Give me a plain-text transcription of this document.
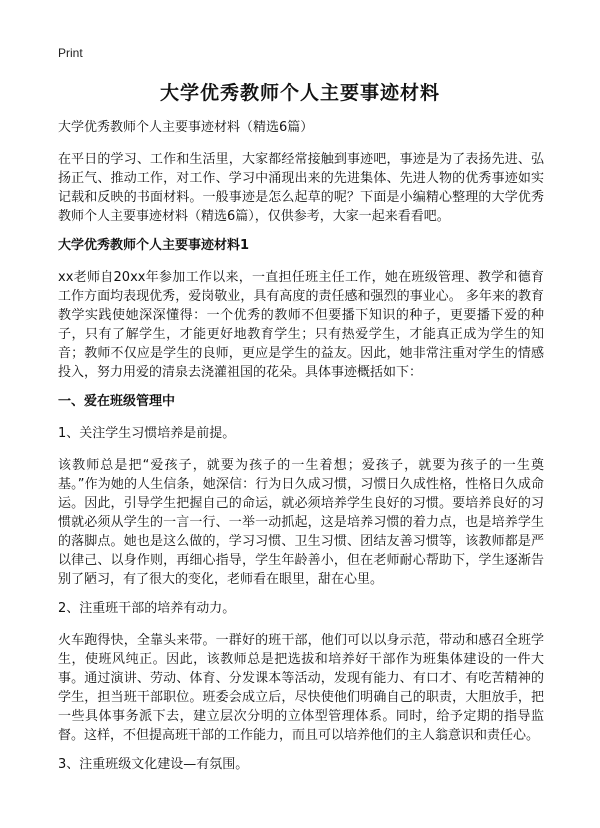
Print
大学优秀教师个人主要事迹材料

大学优秀教师个人主要事迹材料（精选6篇）

在平日的学习、工作和生活里，大家都经常接触到事迹吧，事迹是为了表扬先进、弘扬正气、推动工作，对工作、学习中涌现出来的先进集体、先进人物的优秀事迹如实记载和反映的书面材料。一般事迹是怎么起草的呢？下面是小编精心整理的大学优秀教师个人主要事迹材料（精选6篇），仅供参考，大家一起来看看吧。

大学优秀教师个人主要事迹材料1

xx老师自20xx年参加工作以来，一直担任班主任工作，她在班级管理、教学和德育工作方面均表现优秀，爱岗敬业，具有高度的责任感和强烈的事业心。 多年来的教育教学实践使她深深懂得：一个优秀的教师不但要播下知识的种子，更要播下爱的种子，只有了解学生，才能更好地教育学生；只有热爱学生，才能真正成为学生的知音；教师不仅应是学生的良师，更应是学生的益友。因此，她非常注重对学生的情感投入，努力用爱的清泉去浇灌祖国的花朵。具体事迹概括如下：

一、爱在班级管理中

1、关注学生习惯培养是前提。

该教师总是把“爱孩子，就要为孩子的一生着想；爱孩子，就要为孩子的一生奠基。”作为她的人生信条，她深信：行为日久成习惯，习惯日久成性格，性格日久成命运。因此，引导学生把握自己的命运，就必须培养学生良好的习惯。要培养良好的习惯就必须从学生的一言一行、一举一动抓起，这是培养习惯的着力点，也是培养学生的落脚点。她也是这么做的，学习习惯、卫生习惯、团结友善习惯等，该教师都是严以律己、以身作则，再细心指导，学生年龄善小，但在老师耐心帮助下，学生逐渐告别了陋习，有了很大的变化，老师看在眼里，甜在心里。

2、注重班干部的培养有动力。

火车跑得快，全靠头来带。一群好的班干部，他们可以以身示范，带动和感召全班学生，使班风纯正。因此，该教师总是把选拔和培养好干部作为班集体建设的一件大事。通过演讲、劳动、体育、分发课本等活动，发现有能力、有口才、有吃苦精神的学生，担当班干部职位。班委会成立后，尽快使他们明确自己的职责，大胆放手，把一些具体事务派下去，建立层次分明的立体型管理体系。同时，给予定期的指导监督。这样，不但提高班干部的工作能力，而且可以培养他们的主人翁意识和责任心。

3、注重班级文化建设—有氛围。
